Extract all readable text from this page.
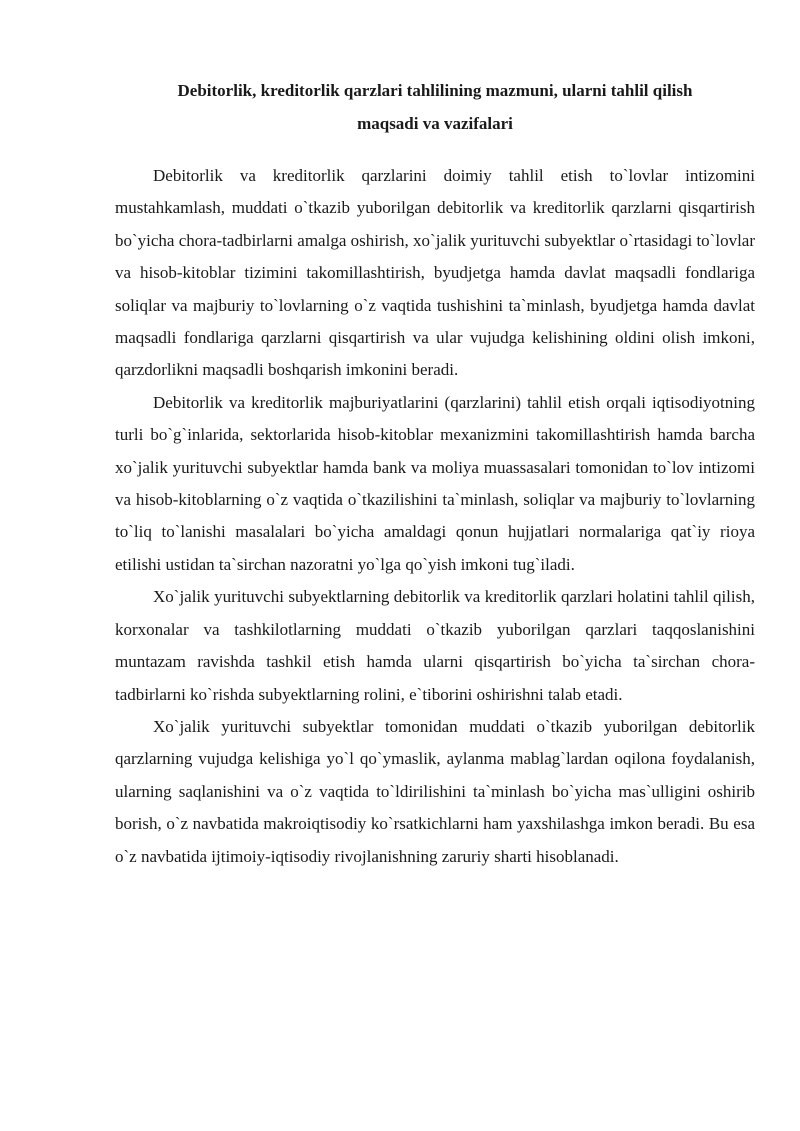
Debitorlik, kreditorlik qarzlari tahlilining mazmuni, ularni tahlil qilish
maqsadi va vazifalari

Debitorlik va kreditorlik qarzlarini doimiy tahlil etish to`lovlar intizomini mustahkamlash, muddati o`tkazib yuborilgan debitorlik va kreditorlik qarzlarni qisqartirish bo`yicha chora-tadbirlarni amalga oshirish, xo`jalik yurituvchi subyektlar o`rtasidagi to`lovlar va hisob-kitoblar tizimini takomillashtirish, byudjetga hamda davlat maqsadli fondlariga soliqlar va majburiy to`lovlarning o`z vaqtida tushishini ta`minlash, byudjetga hamda davlat maqsadli fondlariga qarzlarni qisqartirish va ular vujudga kelishining oldini olish imkoni, qarzdorlikni maqsadli boshqarish imkonini beradi.

Debitorlik va kreditorlik majburiyatlarini (qarzlarini) tahlil etish orqali iqtisodiyotning turli bo`g`inlarida, sektorlarida hisob-kitoblar mexanizmini takomillashtirish hamda barcha xo`jalik yurituvchi subyektlar hamda bank va moliya muassasalari tomonidan to`lov intizomi va hisob-kitoblarning o`z vaqtida o`tkazilishini ta`minlash, soliqlar va majburiy to`lovlarning to`liq to`lanishi masalalari bo`yicha amaldagi qonun hujjatlari normalariga qat`iy rioya etilishi ustidan ta`sirchan nazoratni yo`lga qo`yish imkoni tug`iladi.

Xo`jalik yurituvchi subyektlarning debitorlik va kreditorlik qarzlari holatini tahlil qilish, korxonalar va tashkilotlarning muddati o`tkazib yuborilgan qarzlari taqqoslanishini muntazam ravishda tashkil etish hamda ularni qisqartirish bo`yicha ta`sirchan chora-tadbirlarni ko`rishda subyektlarning rolini, e`tiborini oshirishni talab etadi.

Xo`jalik yurituvchi subyektlar tomonidan muddati o`tkazib yuborilgan debitorlik qarzlarning vujudga kelishiga yo`l qo`ymaslik, aylanma mablag`lardan oqilona foydalanish, ularning saqlanishini va o`z vaqtida to`ldirilishini ta`minlash bo`yicha mas`ulligini oshirib borish, o`z navbatida makroiqtisodiy ko`rsatkichlarni ham yaxshilashga imkon beradi. Bu esa o`z navbatida ijtimoiy-iqtisodiy rivojlanishning zaruriy sharti hisoblanadi.
